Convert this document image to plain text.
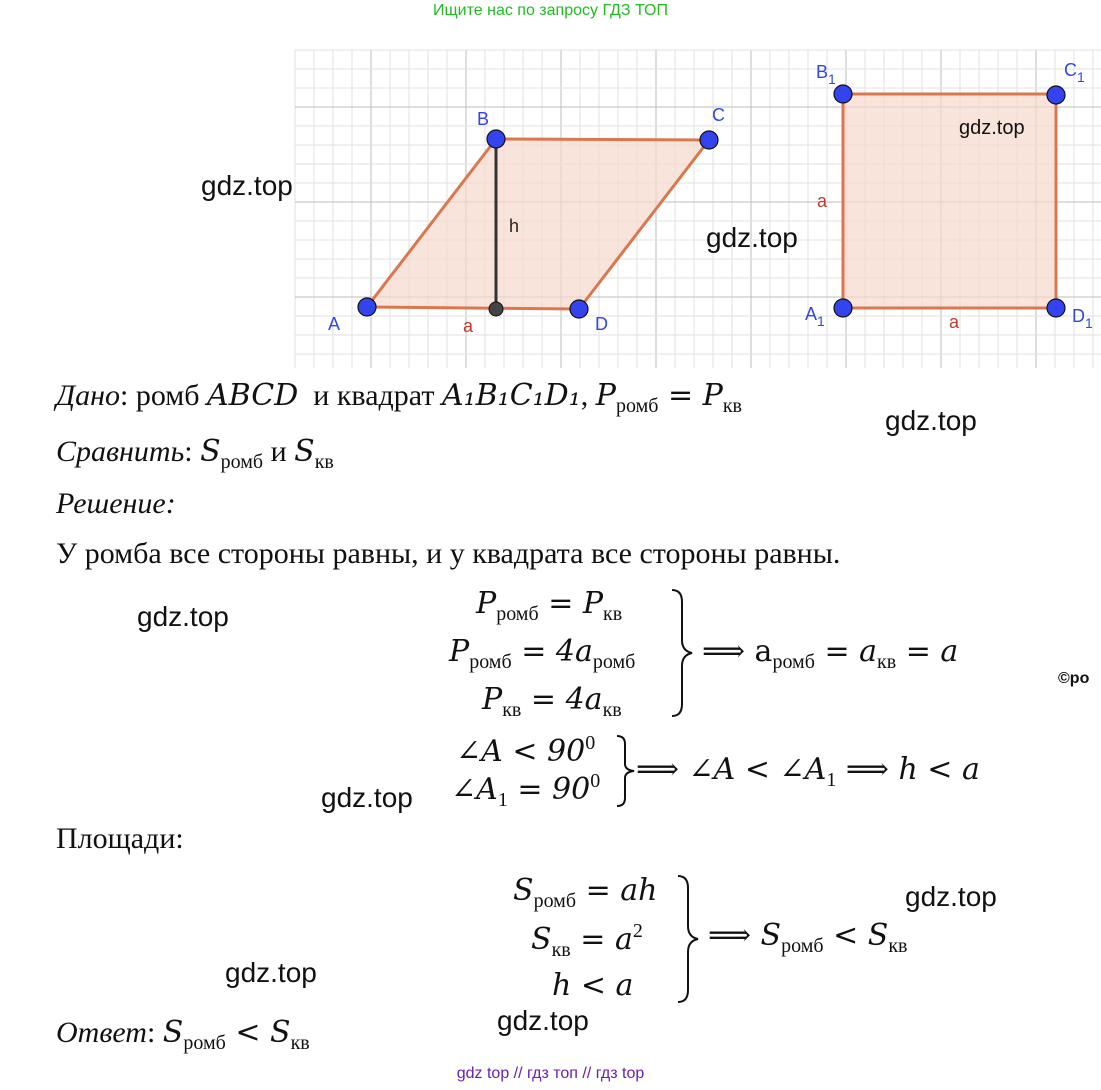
Ищите нас по запросу ГДЗ ТОП
A
B	C
D
h
a
$B_1$	$C_1$
$A_1$	$D_1$
a
a
gdz.top
gdz.top
gdz.top
gdz.top
gdz.top
gdz.top
gdz.top
gdz.top
gdz.top
©ро
Дано: ромб ABCD и квадрат A₁B₁C₁D₁, $P_{ромб} = P_{кв}$
Сравнить: $S_{ромб}$ и $S_{кв}$
Решение:
У ромба все стороны равны, и у квадрата все стороны равны.
$P_{ромб} = P_{кв}$
$P_{ромб} = 4a_{ромб}$
$P_{кв} = 4a_{кв}$
⟹ $a_{ромб} = a_{кв} = a$
∠A < $90^0$
$\angle A_1 = 90^0$ ⟹ ∠A < $\angle A_1$ ⟹ h < a
Площади:
$S_{ромб}$ = ah
$S_{кв} = a^2$
h < a
⟹ $S_{ромб} < S_{кв}$
Ответ: $S_{ромб} < S_{кв}$
gdz top // гдз топ // гдз top
